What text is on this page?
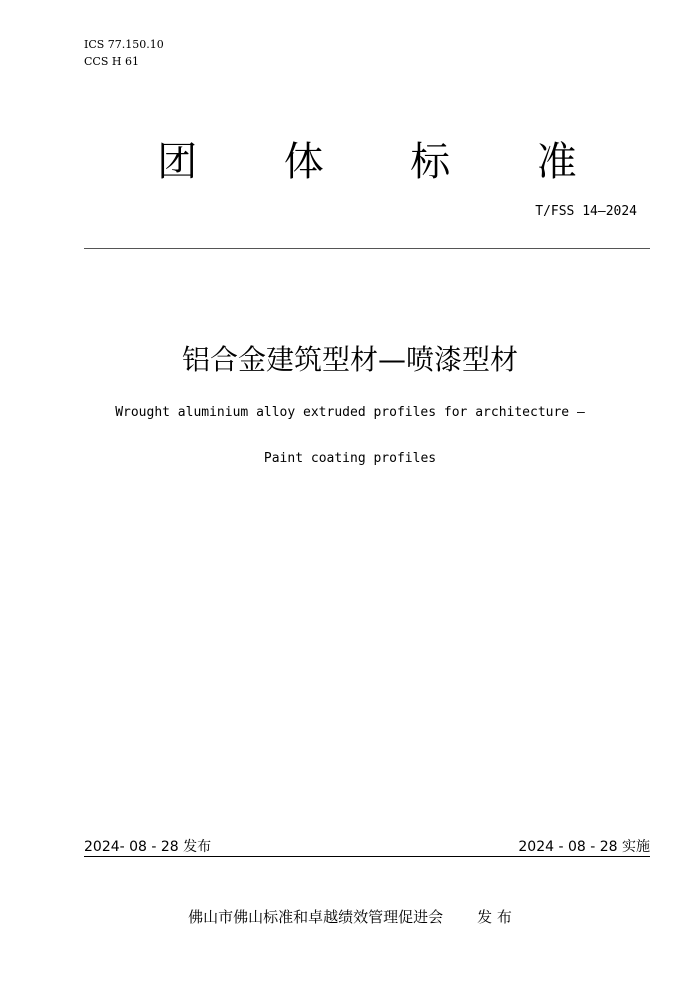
ICS 77.150.10
CCS H 61
团 体 标 准
T/FSS 14—2024
铝合金建筑型材—喷漆型材
Wrought aluminium alloy extruded profiles for architecture —
Paint coating profiles
2024- 08 - 28 发布	2024 - 08 - 28 实施
佛山市佛山标准和卓越绩效管理促进会 发 布
